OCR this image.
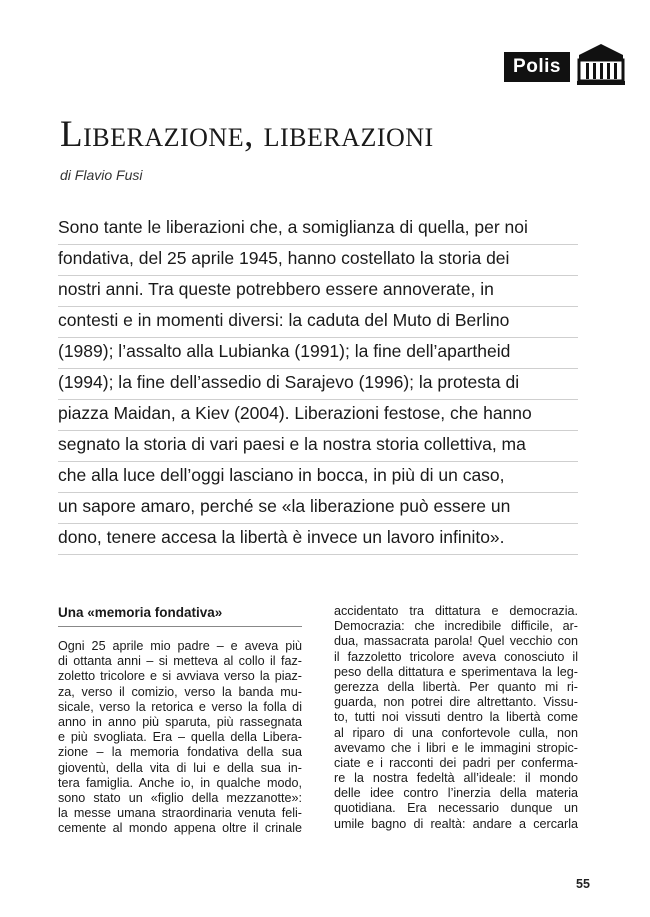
Polis
Liberazione, liberazioni
di Flavio Fusi
Sono tante le liberazioni che, a somiglianza di quella, per noi
fondativa, del 25 aprile 1945, hanno costellato la storia dei
nostri anni. Tra queste potrebbero essere annoverate, in
contesti e in momenti diversi: la caduta del Muto di Berlino
(1989); l’assalto alla Lubianka (1991); la fine dell’apartheid
(1994); la fine dell’assedio di Sarajevo (1996); la protesta di
piazza Maidan, a Kiev (2004). Liberazioni festose, che hanno
segnato la storia di vari paesi e la nostra storia collettiva, ma
che alla luce dell’oggi lasciano in bocca, in più di un caso,
un sapore amaro, perché se «la liberazione può essere un
dono, tenere accesa la libertà è invece un lavoro infinito».
Una «memoria fondativa»
Ogni 25 aprile mio padre – e aveva più
di ottanta anni – si metteva al collo il faz-
zoletto tricolore e si avviava verso la piaz-
za, verso il comizio, verso la banda mu-
sicale, verso la retorica e verso la folla di
anno in anno più sparuta, più rassegnata
e più svogliata. Era – quella della Libera-
zione – la memoria fondativa della sua
gioventù, della vita di lui e della sua in-
tera famiglia. Anche io, in qualche modo,
sono stato un «figlio della mezzanotte»:
la messe umana straordinaria venuta feli-
cemente al mondo appena oltre il crinale
accidentato tra dittatura e democrazia.
Democrazia: che incredibile difficile, ar-
dua, massacrata parola! Quel vecchio con
il fazzoletto tricolore aveva conosciuto il
peso della dittatura e sperimentava la leg-
gerezza della libertà. Per quanto mi ri-
guarda, non potrei dire altrettanto. Vissu-
to, tutti noi vissuti dentro la libertà come
al riparo di una confortevole culla, non
avevamo che i libri e le immagini stropic-
ciate e i racconti dei padri per conferma-
re la nostra fedeltà all’ideale: il mondo
delle idee contro l’inerzia della materia
quotidiana. Era necessario dunque un
umile bagno di realtà: andare a cercarla
55
